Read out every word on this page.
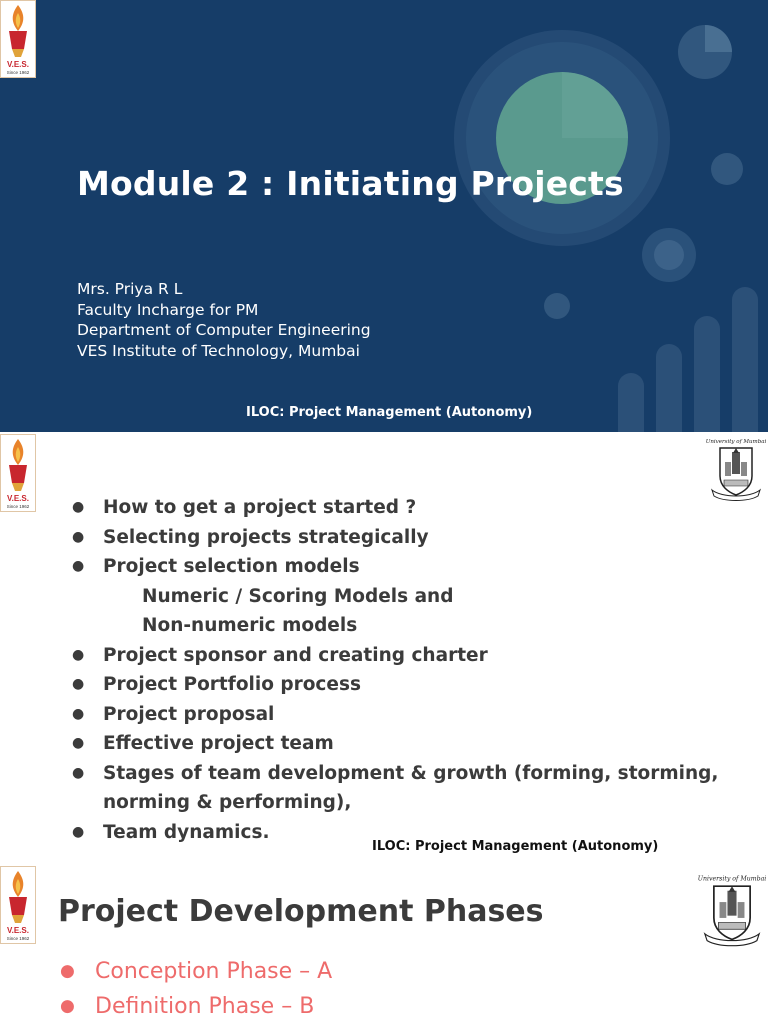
V.E.S.
Since 1962
Module 2 : Initiating Projects
Mrs. Priya R L
Faculty Incharge for PM
Department of Computer Engineering
VES Institute of Technology, Mumbai
ILOC: Project Management (Autonomy)
V.E.S.
Since 1962
University of Mumbai
● How to get a project started ?
● Selecting projects strategically
● Project selection models
Numeric / Scoring Models and
Non-numeric models
● Project sponsor and creating charter
● Project Portfolio process
● Project proposal
● Effective project team
● Stages of team development & growth (forming, storming,
norming & performing),
● Team dynamics.
ILOC: Project Management (Autonomy)
V.E.S.
Since 1962
University of Mumbai
Project Development Phases
● Conception Phase – A
● Definition Phase – B
